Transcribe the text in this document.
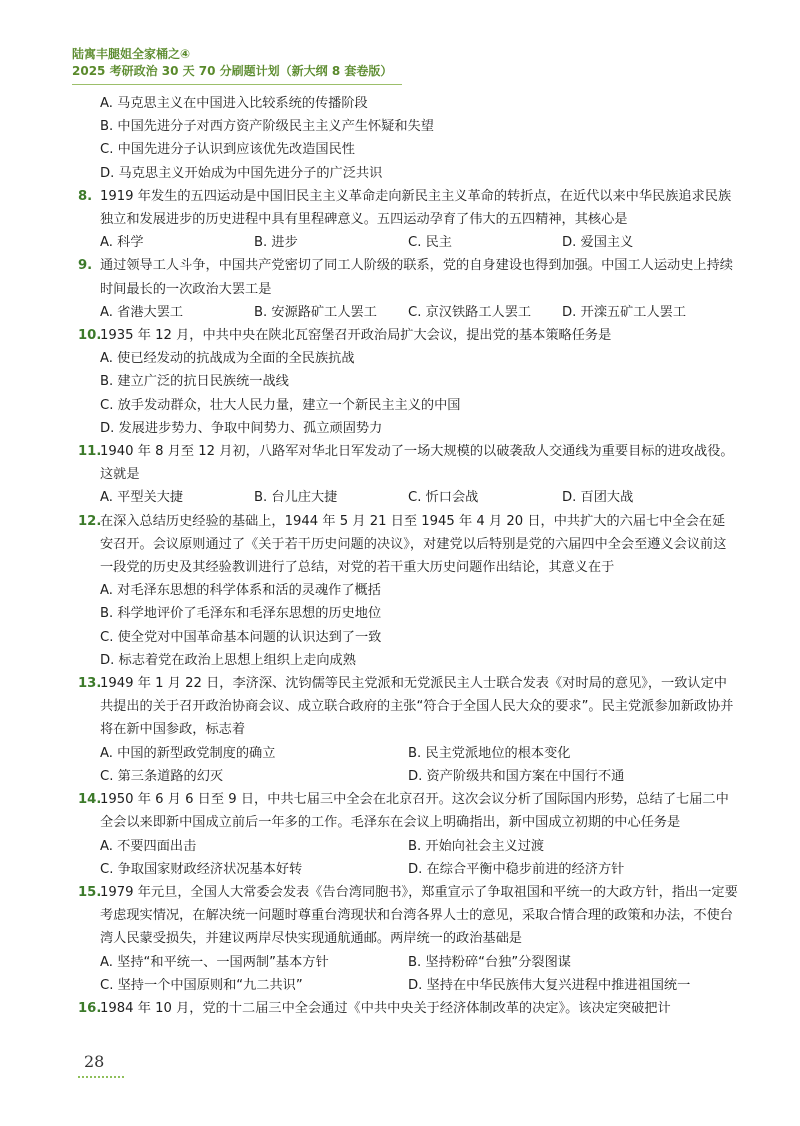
陆寓丰腿姐全家桶之④
2025 考研政治 30 天 70 分刷题计划（新大纲 8 套卷版）
A. 马克思主义在中国进入比较系统的传播阶段
B. 中国先进分子对西方资产阶级民主主义产生怀疑和失望
C. 中国先进分子认识到应该优先改造国民性
D. 马克思主义开始成为中国先进分子的广泛共识
8. 1919 年发生的五四运动是中国旧民主主义革命走向新民主主义革命的转折点，在近代以来中华民族追求民族独立和发展进步的历史进程中具有里程碑意义。五四运动孕育了伟大的五四精神，其核心是
A. 科学	B. 进步	C. 民主	D. 爱国主义
9. 通过领导工人斗争，中国共产党密切了同工人阶级的联系，党的自身建设也得到加强。中国工人运动史上持续时间最长的一次政治大罢工是
A. 省港大罢工	B. 安源路矿工人罢工	C. 京汉铁路工人罢工	D. 开滦五矿工人罢工
10.1935 年 12 月，中共中央在陕北瓦窑堡召开政治局扩大会议，提出党的基本策略任务是
A. 使已经发动的抗战成为全面的全民族抗战
B. 建立广泛的抗日民族统一战线
C. 放手发动群众，壮大人民力量，建立一个新民主主义的中国
D. 发展进步势力、争取中间势力、孤立顽固势力
11.1940 年 8 月至 12 月初，八路军对华北日军发动了一场大规模的以破袭敌人交通线为重要目标的进攻战役。这就是
A. 平型关大捷	B. 台儿庄大捷	C. 忻口会战	D. 百团大战
12.在深入总结历史经验的基础上，1944 年 5 月 21 日至 1945 年 4 月 20 日，中共扩大的六届七中全会在延安召开。会议原则通过了《关于若干历史问题的决议》，对建党以后特别是党的六届四中全会至遵义会议前这一段党的历史及其经验教训进行了总结，对党的若干重大历史问题作出结论，其意义在于
A. 对毛泽东思想的科学体系和活的灵魂作了概括
B. 科学地评价了毛泽东和毛泽东思想的历史地位
C. 使全党对中国革命基本问题的认识达到了一致
D. 标志着党在政治上思想上组织上走向成熟
13.1949 年 1 月 22 日，李济深、沈钧儒等民主党派和无党派民主人士联合发表《对时局的意见》，一致认定中共提出的关于召开政治协商会议、成立联合政府的主张“符合于全国人民大众的要求”。民主党派参加新政协并将在新中国参政，标志着
A. 中国的新型政党制度的确立	B. 民主党派地位的根本变化
C. 第三条道路的幻灭	D. 资产阶级共和国方案在中国行不通
14.1950 年 6 月 6 日至 9 日，中共七届三中全会在北京召开。这次会议分析了国际国内形势，总结了七届二中全会以来即新中国成立前后一年多的工作。毛泽东在会议上明确指出，新中国成立初期的中心任务是
A. 不要四面出击	B. 开始向社会主义过渡
C. 争取国家财政经济状况基本好转	D. 在综合平衡中稳步前进的经济方针
15.1979 年元旦，全国人大常委会发表《告台湾同胞书》，郑重宣示了争取祖国和平统一的大政方针，指出一定要考虑现实情况，在解决统一问题时尊重台湾现状和台湾各界人士的意见，采取合情合理的政策和办法，不使台湾人民蒙受损失，并建议两岸尽快实现通航通邮。两岸统一的政治基础是
A. 坚持“和平统一、一国两制”基本方针	B. 坚持粉碎“台独”分裂图谋
C. 坚持一个中国原则和“九二共识”	D. 坚持在中华民族伟大复兴进程中推进祖国统一
16.1984 年 10 月，党的十二届三中全会通过《中共中央关于经济体制改革的决定》。该决定突破把计
28
